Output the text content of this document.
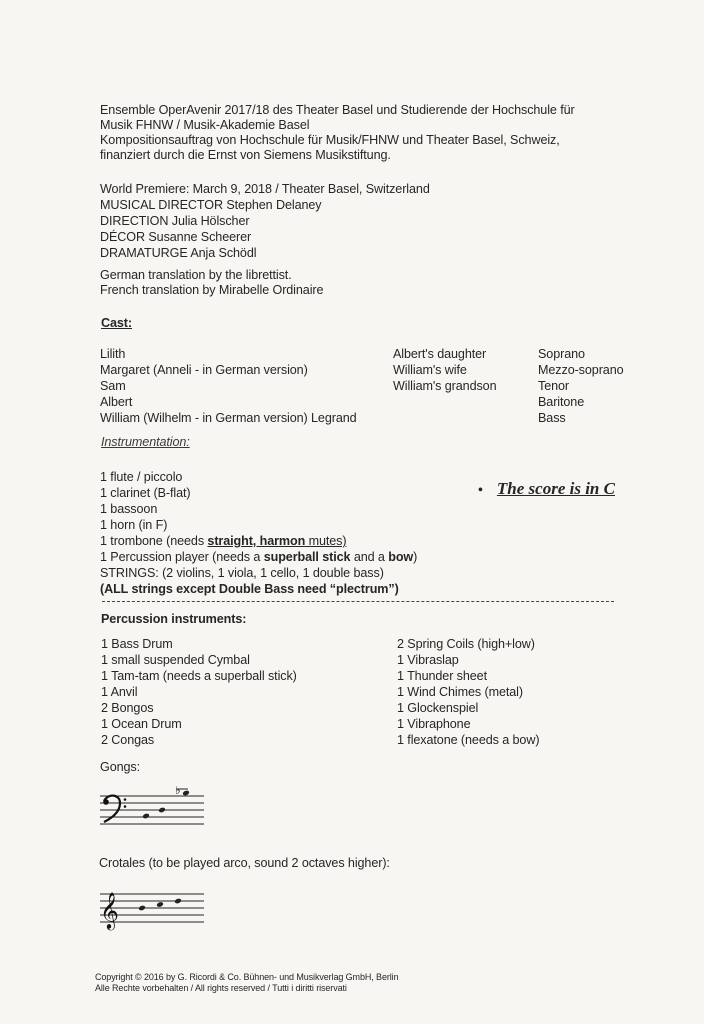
Ensemble OperAvenir 2017/18 des Theater Basel und Studierende der Hochschule für
Musik FHNW / Musik-Akademie Basel
Kompositionsauftrag von Hochschule für Musik/FHNW und Theater Basel, Schweiz,
finanziert durch die Ernst von Siemens Musikstiftung.
World Premiere: March 9, 2018 / Theater Basel, Switzerland
MUSICAL DIRECTOR Stephen Delaney
DIRECTION Julia Hölscher
DÉCOR Susanne Scheerer
DRAMATURGE Anja Schödl
German translation by the librettist.
French translation by Mirabelle Ordinaire
Cast:
Lilith
Margaret (Anneli - in German version)
Sam
Albert
William (Wilhelm - in German version) Legrand
Albert's daughter
William's wife
William's grandson
Soprano
Mezzo-soprano
Tenor
Baritone
Bass
Instrumentation:
• The score is in C
1 flute / piccolo
1 clarinet (B-flat)
1 bassoon
1 horn (in F)
1 trombone (needs straight, harmon mutes)
1 Percussion player (needs a superball stick and a bow)
STRINGS: (2 violins, 1 viola, 1 cello, 1 double bass)
(ALL strings except Double Bass need “plectrum”)
Percussion instruments:
1 Bass Drum
1 small suspended Cymbal
1 Tam-tam (needs a superball stick)
1 Anvil
2 Bongos
1 Ocean Drum
2 Congas
2 Spring Coils (high+low)
1 Vibraslap
1 Thunder sheet
1 Wind Chimes (metal)
1 Glockenspiel
1 Vibraphone
1 flexatone (needs a bow)
Gongs:
♭
Crotales (to be played arco, sound 2 octaves higher):
𝄞
Copyright © 2016 by G. Ricordi & Co. Bühnen- und Musikverlag GmbH, Berlin
Alle Rechte vorbehalten / All rights reserved / Tutti i diritti riservati
